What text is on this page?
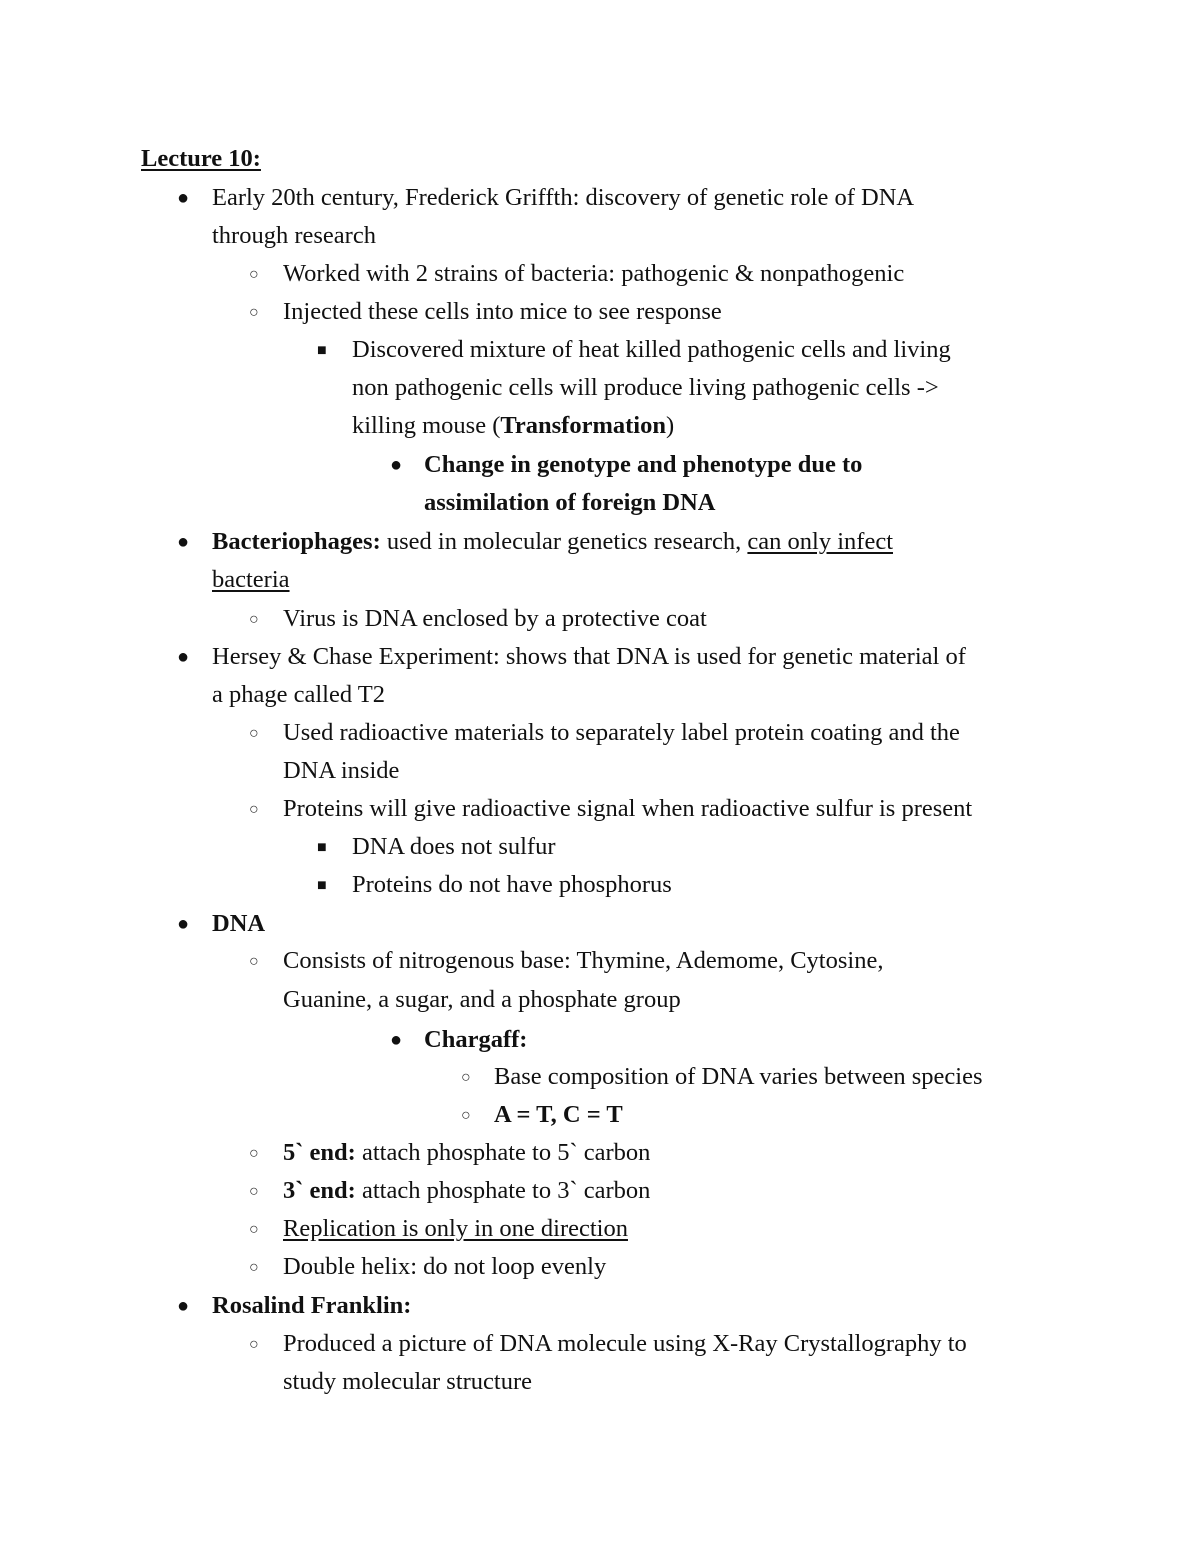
Lecture 10:
● Early 20th century, Frederick Griffth: discovery of genetic role of DNA
through research
○ Worked with 2 strains of bacteria: pathogenic & nonpathogenic
○ Injected these cells into mice to see response
■ Discovered mixture of heat killed pathogenic cells and living
non pathogenic cells will produce living pathogenic cells ->
killing mouse (Transformation)
● Change in genotype and phenotype due to
assimilation of foreign DNA
● Bacteriophages: used in molecular genetics research, can only infect
bacteria
○ Virus is DNA enclosed by a protective coat
● Hersey & Chase Experiment: shows that DNA is used for genetic material of
a phage called T2
○ Used radioactive materials to separately label protein coating and the
DNA inside
○ Proteins will give radioactive signal when radioactive sulfur is present
■ DNA does not sulfur
■ Proteins do not have phosphorus
● DNA
○ Consists of nitrogenous base: Thymine, Ademome, Cytosine,
Guanine, a sugar, and a phosphate group
● Chargaff:
○ Base composition of DNA varies between species
○ A = T, C = T
○ 5` end: attach phosphate to 5` carbon
○ 3` end: attach phosphate to 3` carbon
○ Replication is only in one direction
○ Double helix: do not loop evenly
● Rosalind Franklin:
○ Produced a picture of DNA molecule using X-Ray Crystallography to
study molecular structure
